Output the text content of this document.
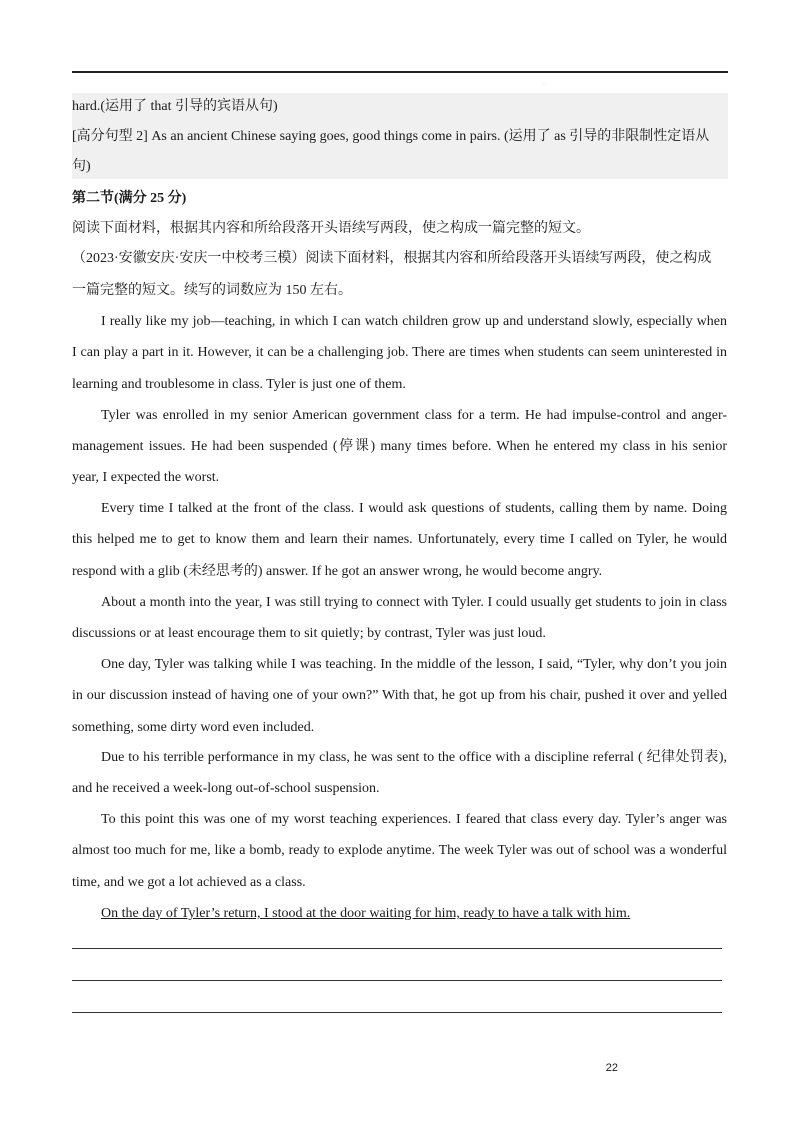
·
hard.(运用了 that 引导的宾语从句)
[高分句型 2] As an ancient Chinese saying goes, good things come in pairs. (运用了 as 引导的非限制性定语从
句)
第二节(满分 25 分)
阅读下面材料，根据其内容和所给段落开头语续写两段，使之构成一篇完整的短文。
（2023·安徽安庆·安庆一中校考三模）阅读下面材料，根据其内容和所给段落开头语续写两段，使之构成
一篇完整的短文。续写的词数应为 150 左右。
I really like my job—teaching, in which I can watch children grow up and understand slowly, especially when
I can play a part in it. However, it can be a challenging job. There are times when students can seem uninterested in
learning and troublesome in class. Tyler is just one of them.
Tyler was enrolled in my senior American government class for a term. He had impulse-control and anger-
management issues. He had been suspended (停课) many times before. When he entered my class in his senior
year, I expected the worst.
Every time I talked at the front of the class. I would ask questions of students, calling them by name. Doing
this helped me to get to know them and learn their names. Unfortunately, every time I called on Tyler, he would
respond with a glib (未经思考的) answer. If he got an answer wrong, he would become angry.
About a month into the year, I was still trying to connect with Tyler. I could usually get students to join in class
discussions or at least encourage them to sit quietly; by contrast, Tyler was just loud.
One day, Tyler was talking while I was teaching. In the middle of the lesson, I said, “Tyler, why don’t you join
in our discussion instead of having one of your own?” With that, he got up from his chair, pushed it over and yelled
something, some dirty word even included.
Due to his terrible performance in my class, he was sent to the office with a discipline referral ( 纪律处罚表),
and he received a week-long out-of-school suspension.
To this point this was one of my worst teaching experiences. I feared that class every day. Tyler’s anger was
almost too much for me, like a bomb, ready to explode anytime. The week Tyler was out of school was a wonderful
time, and we got a lot achieved as a class.
On the day of Tyler’s return, I stood at the door waiting for him, ready to have a talk with him.
22
